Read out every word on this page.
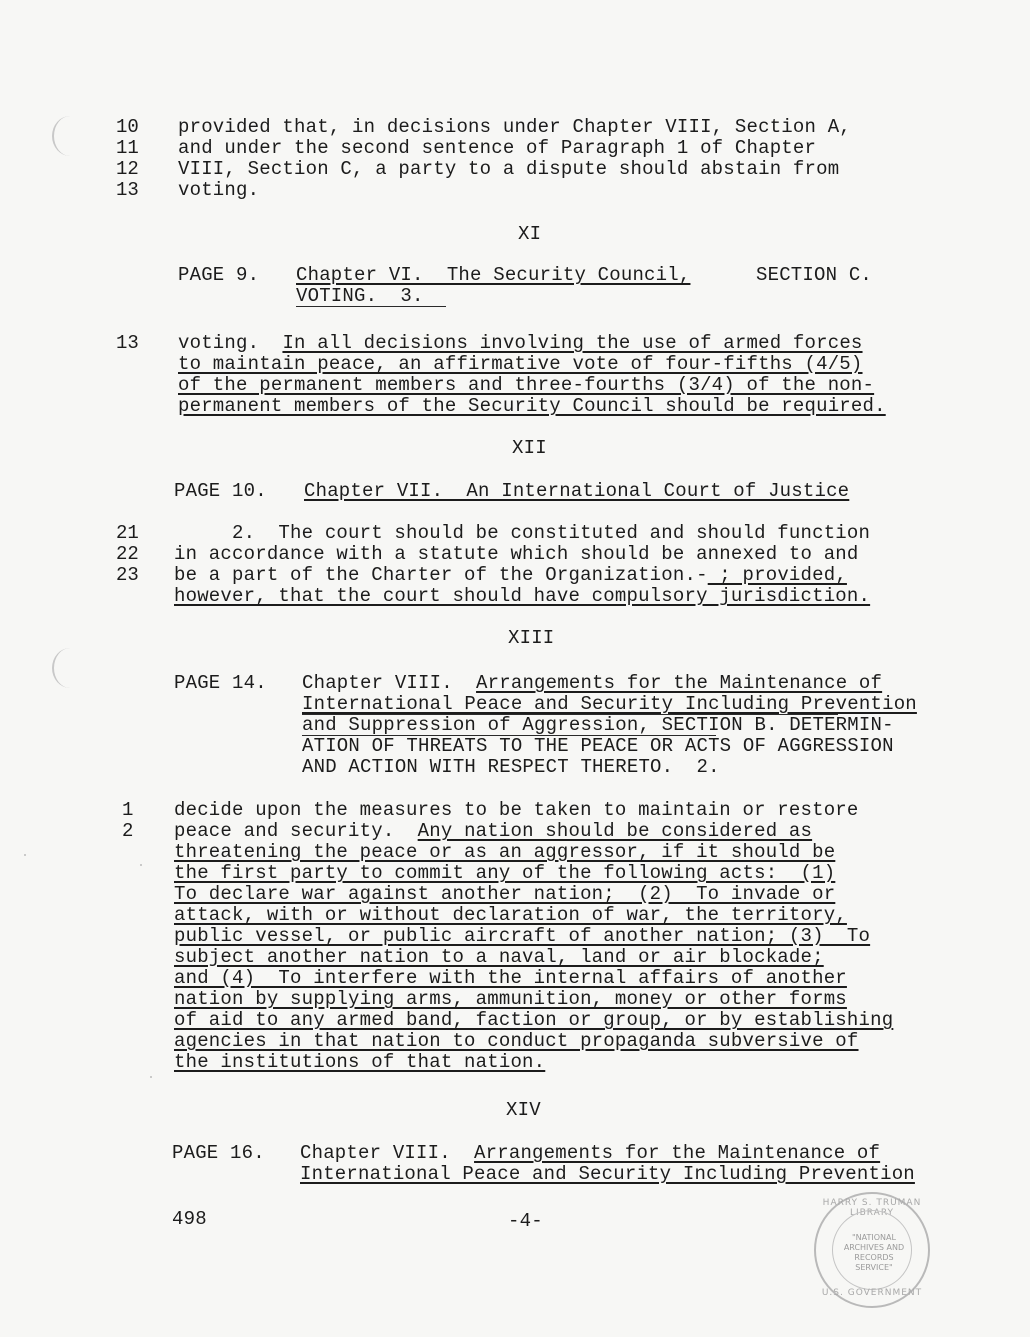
10
11
12
13
provided that, in decisions under Chapter VIII, Section A,
and under the second sentence of Paragraph 1 of Chapter
VIII, Section C, a party to a dispute should abstain from
voting.
XI
PAGE 9. Chapter VI.  The Security Council,	SECTION C.
VOTING.  3.
13	voting. In all decisions involving the use of armed forces
to maintain peace, an affirmative vote of four-fifths (4/5)
of the permanent members and three-fourths (3/4) of the non-
permanent members of the Security Council should be required.
XII
PAGE 10. Chapter VII.  An International Court of Justice
21
22
23
2.  The court should be constituted and should function
in accordance with a statute which should be annexed to and
be a part of the Charter of the Organization.- ; provided,
however, that the court should have compulsory jurisdiction.
XIII
PAGE 14. Chapter VIII. Arrangements for the Maintenance of
International Peace and Security Including Prevention
and Suppression of Aggression, SECTION B. DETERMIN-
ATION OF THREATS TO THE PEACE OR ACTS OF AGGRESSION
AND ACTION WITH RESPECT THERETO.  2.
1
2
decide upon the measures to be taken to maintain or restore
peace and security. Any nation should be considered as
threatening the peace or as an aggressor, if it should be
the first party to commit any of the following acts:  (1)
To declare war against another nation;  (2)  To invade or
attack, with or without declaration of war, the territory,
public vessel, or public aircraft of another nation; (3)  To
subject another nation to a naval, land or air blockade;
and (4)  To interfere with the internal affairs of another
nation by supplying arms, ammunition, money or other forms
of aid to any armed band, faction or group, or by establishing
agencies in that nation to conduct propaganda subversive of
the institutions of that nation.
XIV
PAGE 16. Chapter VIII. Arrangements for the Maintenance of
International Peace and Security Including Prevention
498	-4-
HARRY S. TRUMAN LIBRARY
"NATIONAL ARCHIVES AND RECORDS SERVICE"
U.S. GOVERNMENT
